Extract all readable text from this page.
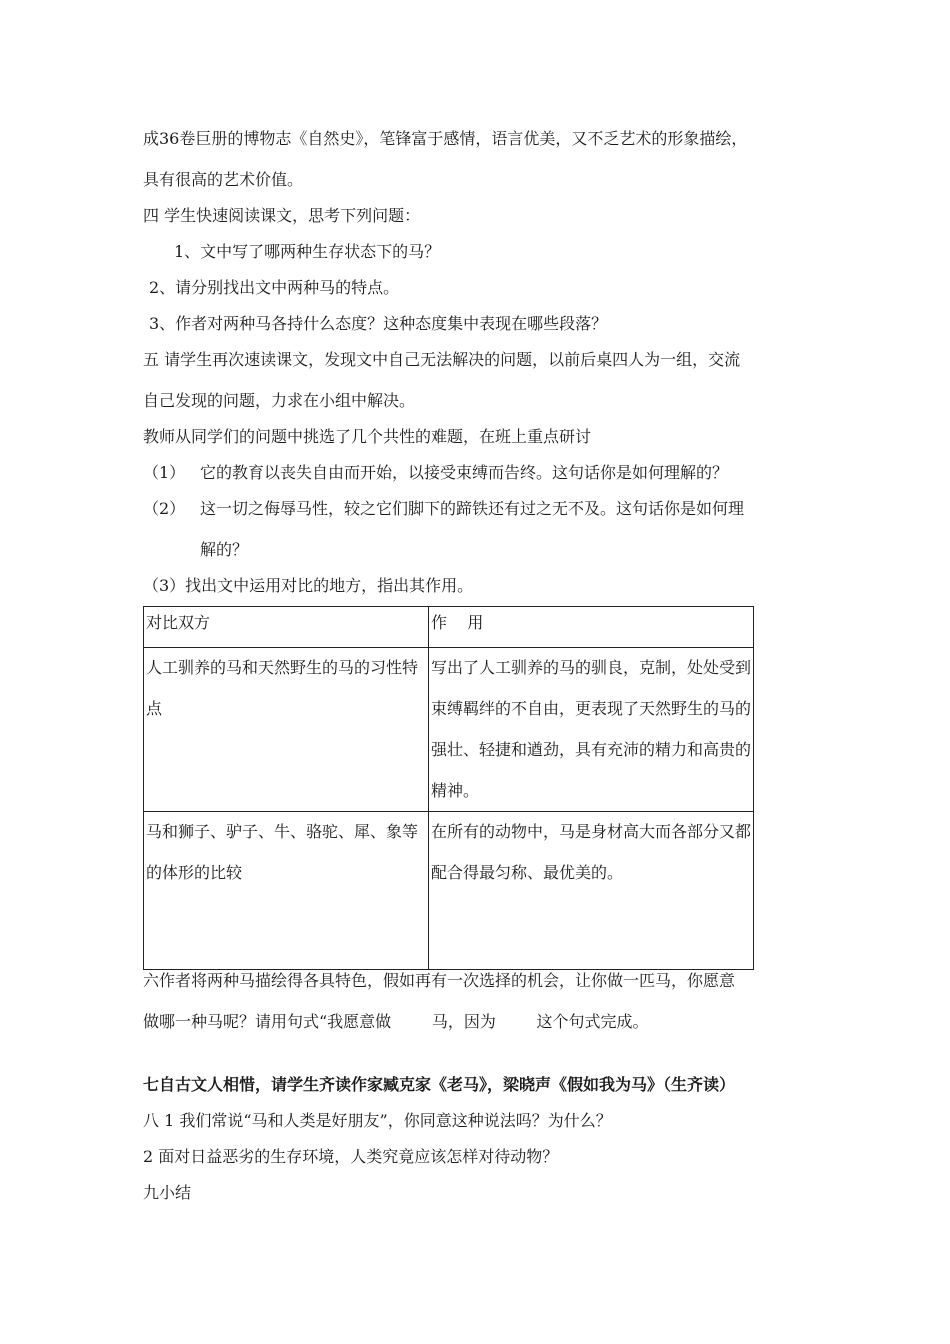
成36卷巨册的博物志《自然史》，笔锋富于感情，语言优美，又不乏艺术的形象描绘，
具有很高的艺术价值。
四 学生快速阅读课文，思考下列问题：
1、文中写了哪两种生存状态下的马？
2、请分别找出文中两种马的特点。
3、作者对两种马各持什么态度？这种态度集中表现在哪些段落？
五 请学生再次速读课文，发现文中自己无法解决的问题，以前后桌四人为一组，交流
自己发现的问题，力求在小组中解决。
教师从同学们的问题中挑选了几个共性的难题，在班上重点研讨
（1） 它的教育以丧失自由而开始，以接受束缚而告终。这句话你是如何理解的？
（2） 这一切之侮辱马性，较之它们脚下的蹄铁还有过之无不及。这句话你是如何理
解的？
（3）找出文中运用对比的地方，指出其作用。
对比双方	作    用

人工驯养的马和天然野生的马的习性特点	写出了人工驯养的马的驯良，克制，处处受到束缚羁绊的不自由，更表现了天然野生的马的强壮、轻捷和遒劲，具有充沛的精力和高贵的精神。

马和狮子、驴子、牛、骆驼、犀、象等的体形的比较	在所有的动物中，马是身材高大而各部分又都配合得最匀称、最优美的。
六作者将两种马描绘得各具特色，假如再有一次选择的机会，让你做一匹马，你愿意
做哪一种马呢？请用句式“我愿意做        马，因为        这个句式完成。
七自古文人相惜，请学生齐读作家臧克家《老马》，梁晓声《假如我为马》（生齐读）
八 1 我们常说“马和人类是好朋友”，你同意这种说法吗？为什么？
2 面对日益恶劣的生存环境，人类究竟应该怎样对待动物？
九小结
